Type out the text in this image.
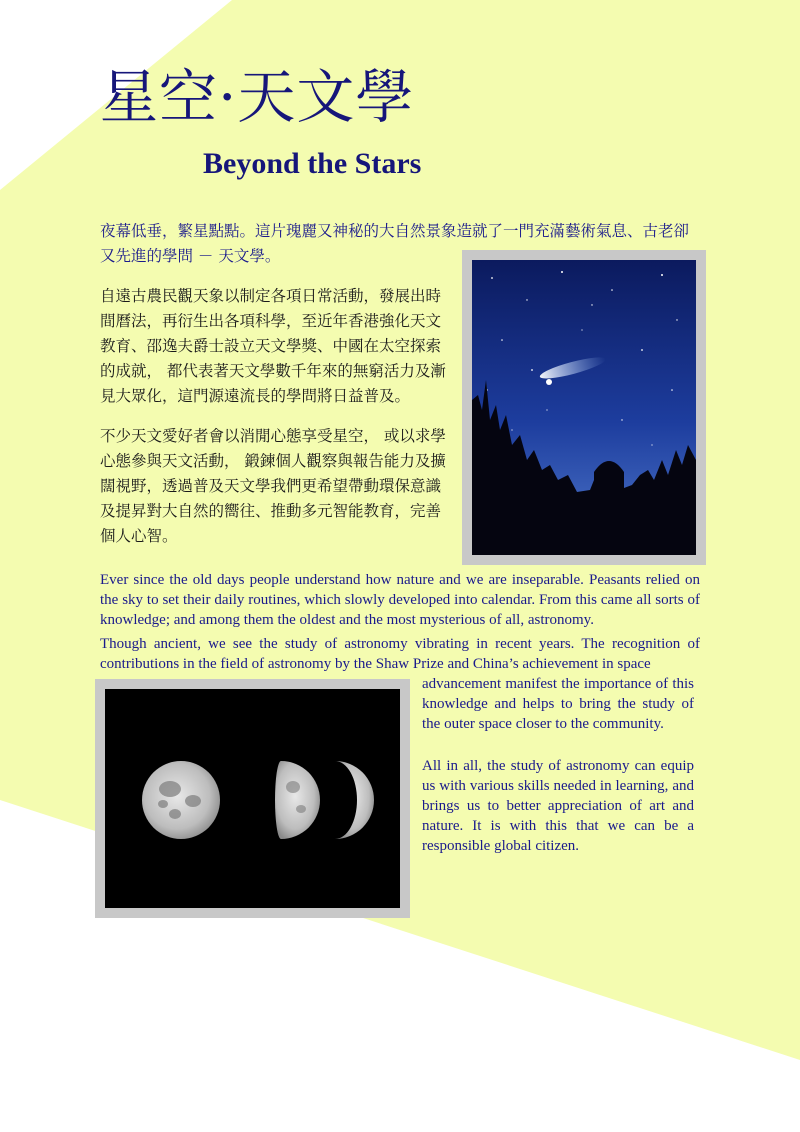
星空·天文學
Beyond the Stars

夜幕低垂，繁星點點。這片瑰麗又神秘的大自然景象造就了一門充滿藝術氣息、古老卻又先進的學問 － 天文學。

自遠古農民觀天象以制定各項日常活動，發展出時間曆法，再衍生出各項科學，至近年香港強化天文教育、邵逸夫爵士設立天文學獎、中國在太空探索的成就， 都代表著天文學數千年來的無窮活力及漸見大眾化，這門源遠流長的學問將日益普及。

不少天文愛好者會以消閒心態享受星空， 或以求學心態參與天文活動， 鍛鍊個人觀察與報告能力及擴闊視野，透過普及天文學我們更希望帶動環保意識及提昇對大自然的嚮往、推動多元智能教育，完善個人心智。

Ever since the old days people understand how nature and we are inseparable. Peasants relied on the sky to set their daily routines, which slowly developed into calendar. From this came all sorts of knowledge; and among them the oldest and the most mysterious of all, astronomy.

Though ancient, we see the study of astronomy vibrating in recent years. The recognition of contributions in the field of astronomy by the Shaw Prize and China’s achievement in space

advancement manifest the importance of this knowledge and helps to bring the study of the outer space closer to the community.

All in all, the study of astronomy can equip us with various skills needed in learning, and brings us to better appreciation of art and nature. It is with this that we can be a responsible global citizen.
